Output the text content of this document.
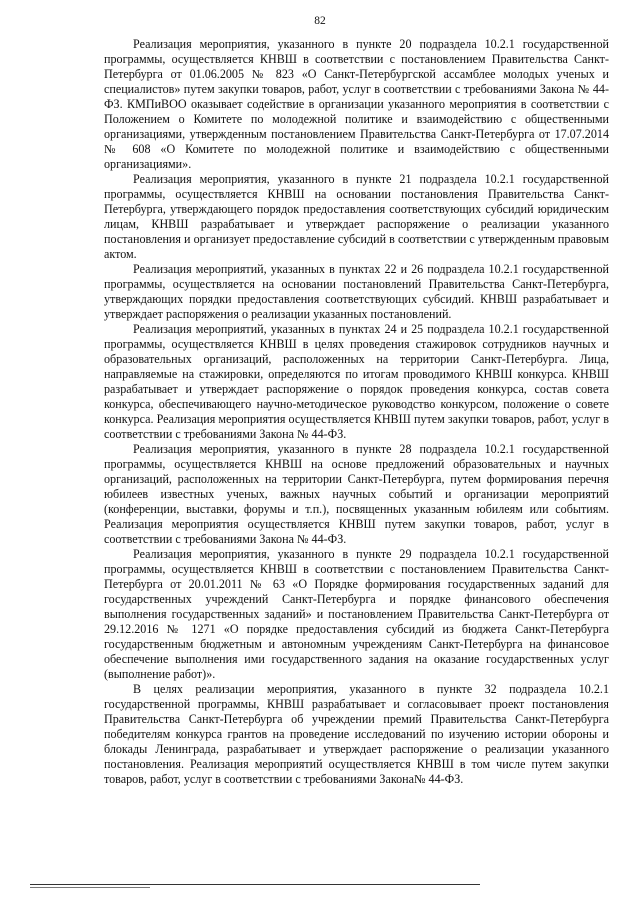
82

Реализация мероприятия, указанного в пункте 20 подраздела 10.2.1 государственной программы, осуществляется КНВШ в соответствии с постановлением Правительства Санкт-Петербурга от 01.06.2005 № 823 «О Санкт-Петербургской ассамблее молодых ученых и специалистов» путем закупки товаров, работ, услуг в соответствии с требованиями Закона № 44-ФЗ. КМПиВОО оказывает содействие в организации указанного мероприятия в соответствии с Положением о Комитете по молодежной политике и взаимодействию с общественными организациями, утвержденным постановлением Правительства Санкт-Петербурга от 17.07.2014 № 608 «О Комитете по молодежной политике и взаимодействию с общественными организациями».

Реализация мероприятия, указанного в пункте 21 подраздела 10.2.1 государственной программы, осуществляется КНВШ на основании постановления Правительства Санкт-Петербурга, утверждающего порядок предоставления соответствующих субсидий юридическим лицам, КНВШ разрабатывает и утверждает распоряжение о реализации указанного постановления и организует предоставление субсидий в соответствии с утвержденным правовым актом.

Реализация мероприятий, указанных в пунктах 22 и 26 подраздела 10.2.1 государственной программы, осуществляется на основании постановлений Правительства Санкт-Петербурга, утверждающих порядки предоставления соответствующих субсидий. КНВШ разрабатывает и утверждает распоряжения о реализации указанных постановлений.

Реализация мероприятий, указанных в пунктах 24 и 25 подраздела 10.2.1 государственной программы, осуществляется КНВШ в целях проведения стажировок сотрудников научных и образовательных организаций, расположенных на территории Санкт-Петербурга. Лица, направляемые на стажировки, определяются по итогам проводимого КНВШ конкурса. КНВШ разрабатывает и утверждает распоряжение о порядок проведения конкурса, состав совета конкурса, обеспечивающего научно-методическое руководство конкурсом, положение о совете конкурса. Реализация мероприятия осуществляется КНВШ путем закупки товаров, работ, услуг в соответствии с требованиями Закона № 44-ФЗ.

Реализация мероприятия, указанного в пункте 28 подраздела 10.2.1 государственной программы, осуществляется КНВШ на основе предложений образовательных и научных организаций, расположенных на территории Санкт-Петербурга, путем формирования перечня юбилеев известных ученых, важных научных событий и организации мероприятий (конференции, выставки, форумы и т.п.), посвященных указанным юбилеям или событиям. Реализация мероприятия осуществляется КНВШ путем закупки товаров, работ, услуг в соответствии с требованиями Закона № 44-ФЗ.

Реализация мероприятия, указанного в пункте 29 подраздела 10.2.1 государственной программы, осуществляется КНВШ в соответствии с постановлением Правительства Санкт-Петербурга от 20.01.2011 № 63 «О Порядке формирования государственных заданий для государственных учреждений Санкт-Петербурга и порядке финансового обеспечения выполнения государственных заданий» и постановлением Правительства Санкт-Петербурга от 29.12.2016 № 1271 «О порядке предоставления субсидий из бюджета Санкт-Петербурга государственным бюджетным и автономным учреждениям Санкт-Петербурга на финансовое обеспечение выполнения ими государственного задания на оказание государственных услуг (выполнение работ)».

В целях реализации мероприятия, указанного в пункте 32 подраздела 10.2.1 государственной программы, КНВШ разрабатывает и согласовывает проект постановления Правительства Санкт-Петербурга об учреждении премий Правительства Санкт-Петербурга победителям конкурса грантов на проведение исследований по изучению истории обороны и блокады Ленинграда, разрабатывает и утверждает распоряжение о реализации указанного постановления. Реализация мероприятий осуществляется КНВШ в том числе путем закупки товаров, работ, услуг в соответствии с требованиями Закона№ 44-ФЗ.
